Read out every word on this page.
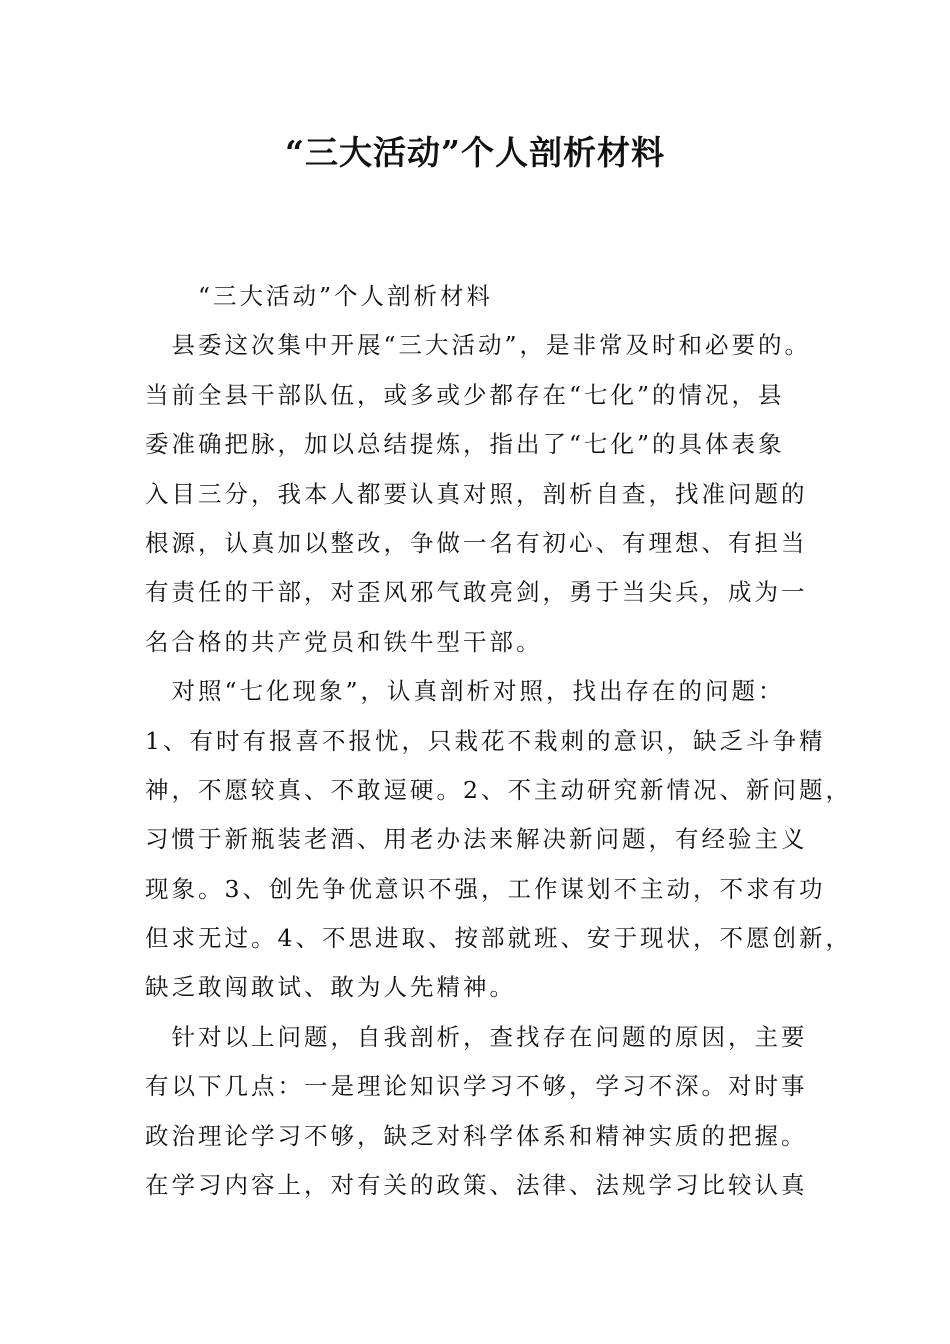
“三大活动”个人剖析材料
　　“三大活动”个人剖析材料
　县委这次集中开展“三大活动”，是非常及时和必要的。
当前全县干部队伍，或多或少都存在“七化”的情况，县
委准确把脉，加以总结提炼，指出了“七化”的具体表象
入目三分，我本人都要认真对照，剖析自查，找准问题的
根源，认真加以整改，争做一名有初心、有理想、有担当
有责任的干部，对歪风邪气敢亮剑，勇于当尖兵，成为一
名合格的共产党员和铁牛型干部。
　对照“七化现象”，认真剖析对照，找出存在的问题：
1、有时有报喜不报忧，只栽花不栽刺的意识，缺乏斗争精
神，不愿较真、不敢逗硬。2、不主动研究新情况、新问题，
习惯于新瓶装老酒、用老办法来解决新问题，有经验主义
现象。3、创先争优意识不强，工作谋划不主动，不求有功
但求无过。4、不思进取、按部就班、安于现状，不愿创新，
缺乏敢闯敢试、敢为人先精神。
　针对以上问题，自我剖析，查找存在问题的原因，主要
有以下几点：一是理论知识学习不够，学习不深。对时事
政治理论学习不够，缺乏对科学体系和精神实质的把握。
在学习内容上，对有关的政策、法律、法规学习比较认真
